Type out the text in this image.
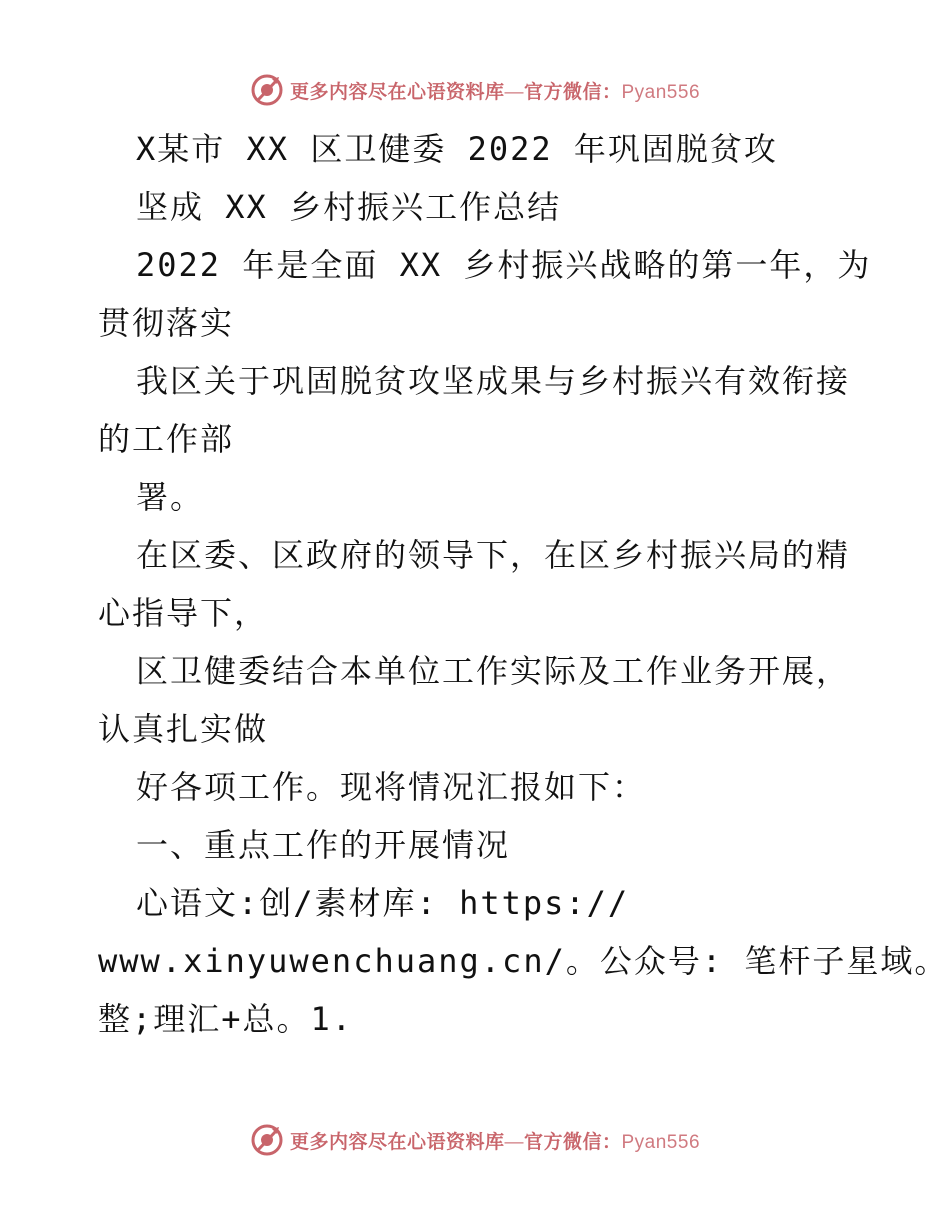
更多内容尽在心语资料库—官方微信：Pyan556
X某市 XX 区卫健委 2022 年巩固脱贫攻
坚成 XX 乡村振兴工作总结
2022 年是全面 XX 乡村振兴战略的第一年，为
贯彻落实
我区关于巩固脱贫攻坚成果与乡村振兴有效衔接
的工作部
署。
在区委、区政府的领导下，在区乡村振兴局的精
心指导下，
区卫健委结合本单位工作实际及工作业务开展，
认真扎实做
好各项工作。现将情况汇报如下：
一、重点工作的开展情况
心语文:创/素材库: https://
www.xinyuwenchuang.cn/。公众号: 笔杆子星域。
整;理汇+总。1.
更多内容尽在心语资料库—官方微信：Pyan556
